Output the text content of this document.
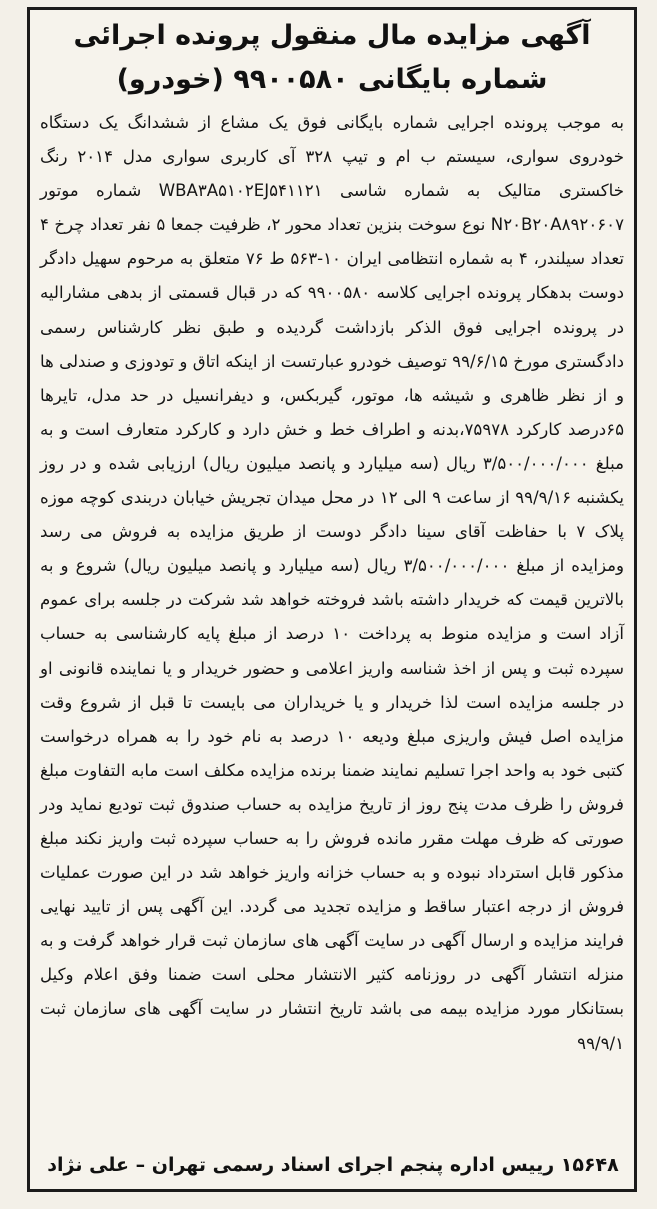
آگهی مزایده مال منقول پرونده اجرائی شماره بایگانی ۹۹۰۰۵۸۰ (خودرو)

به موجب پرونده اجرایی شماره بایگانی فوق یک مشاع از ششدانگ یک دستگاه خودروی سواری، سیستم ب ام و تیپ ۳۲۸ آی کاربری سواری مدل ۲۰۱۴ رنگ خاکستری متالیک به شماره شاسی WBA۳A۵۱۰۲EJ۵۴۱۱۲۱ شماره موتور N۲۰B۲۰A۸۹۲۰۶۰۷ نوع سوخت بنزین تعداد محور ۲، ظرفیت جمعا ۵ نفر تعداد چرخ ۴ تعداد سیلندر، ۴ به شماره انتظامی ایران ۱۰-۵۶۳ ط ۷۶ متعلق به مرحوم سهیل دادگر دوست بدهکار پرونده اجرایی کلاسه ۹۹۰۰۵۸۰ که در قبال قسمتی از بدهی مشارالیه در پرونده اجرایی فوق الذکر بازداشت گردیده و طبق نظر کارشناس رسمی دادگستری مورخ ۹۹/۶/۱۵ توصیف خودرو عبارتست از اینکه اتاق و تودوزی و صندلی ها و از نظر ظاهری و شیشه ها، موتور، گیربکس، و دیفرانسیل در حد مدل، تایرها ۶۵درصد کارکرد ۷۵۹۷۸،بدنه و اطراف خط و خش دارد و کارکرد متعارف است و به مبلغ ۳/۵۰۰/۰۰۰/۰۰۰ ریال (سه میلیارد و پانصد میلیون ریال) ارزیابی شده و در روز یکشنبه ۹۹/۹/۱۶ از ساعت ۹ الی ۱۲ در محل میدان تجریش خیابان دربندی کوچه موزه پلاک ۷ با حفاظت آقای سینا دادگر دوست از طریق مزایده به فروش می رسد ومزایده از مبلغ ۳/۵۰۰/۰۰۰/۰۰۰ ریال (سه میلیارد و پانصد میلیون ریال) شروع و به بالاترین قیمت که خریدار داشته باشد فروخته خواهد شد شرکت در جلسه برای عموم آزاد است و مزایده منوط به پرداخت ۱۰ درصد از مبلغ پایه کارشناسی به حساب سپرده ثبت و پس از اخذ شناسه واریز اعلامی و حضور خریدار و یا نماینده قانونی او در جلسه مزایده است لذا خریدار و یا خریداران می بایست تا قبل از شروع وقت مزایده اصل فیش واریزی مبلغ ودیعه ۱۰ درصد به نام خود را به همراه درخواست کتبی خود به واحد اجرا تسلیم نمایند ضمنا برنده مزایده مکلف است مابه التفاوت مبلغ فروش را ظرف مدت پنج روز از تاریخ مزایده به حساب صندوق ثبت تودیع نماید ودر صورتی که ظرف مهلت مقرر مانده فروش را به حساب سپرده ثبت واریز نکند مبلغ مذکور قابل استرداد نبوده و به حساب خزانه واریز خواهد شد در این صورت عملیات فروش از درجه اعتبار ساقط و مزایده تجدید می گردد. این آگهی پس از تایید نهایی فرایند مزایده و ارسال آگهی در سایت آگهی های سازمان ثبت قرار خواهد گرفت و به منزله انتشار آگهی در روزنامه کثیر الانتشار محلی است ضمنا وفق اعلام وکیل بستانکار مورد مزایده بیمه می باشد تاریخ انتشار در سایت آگهی های سازمان ثبت ۹۹/۹/۱

۱۵۶۴۸ رییس اداره پنجم اجرای اسناد رسمی تهران – علی نژاد
